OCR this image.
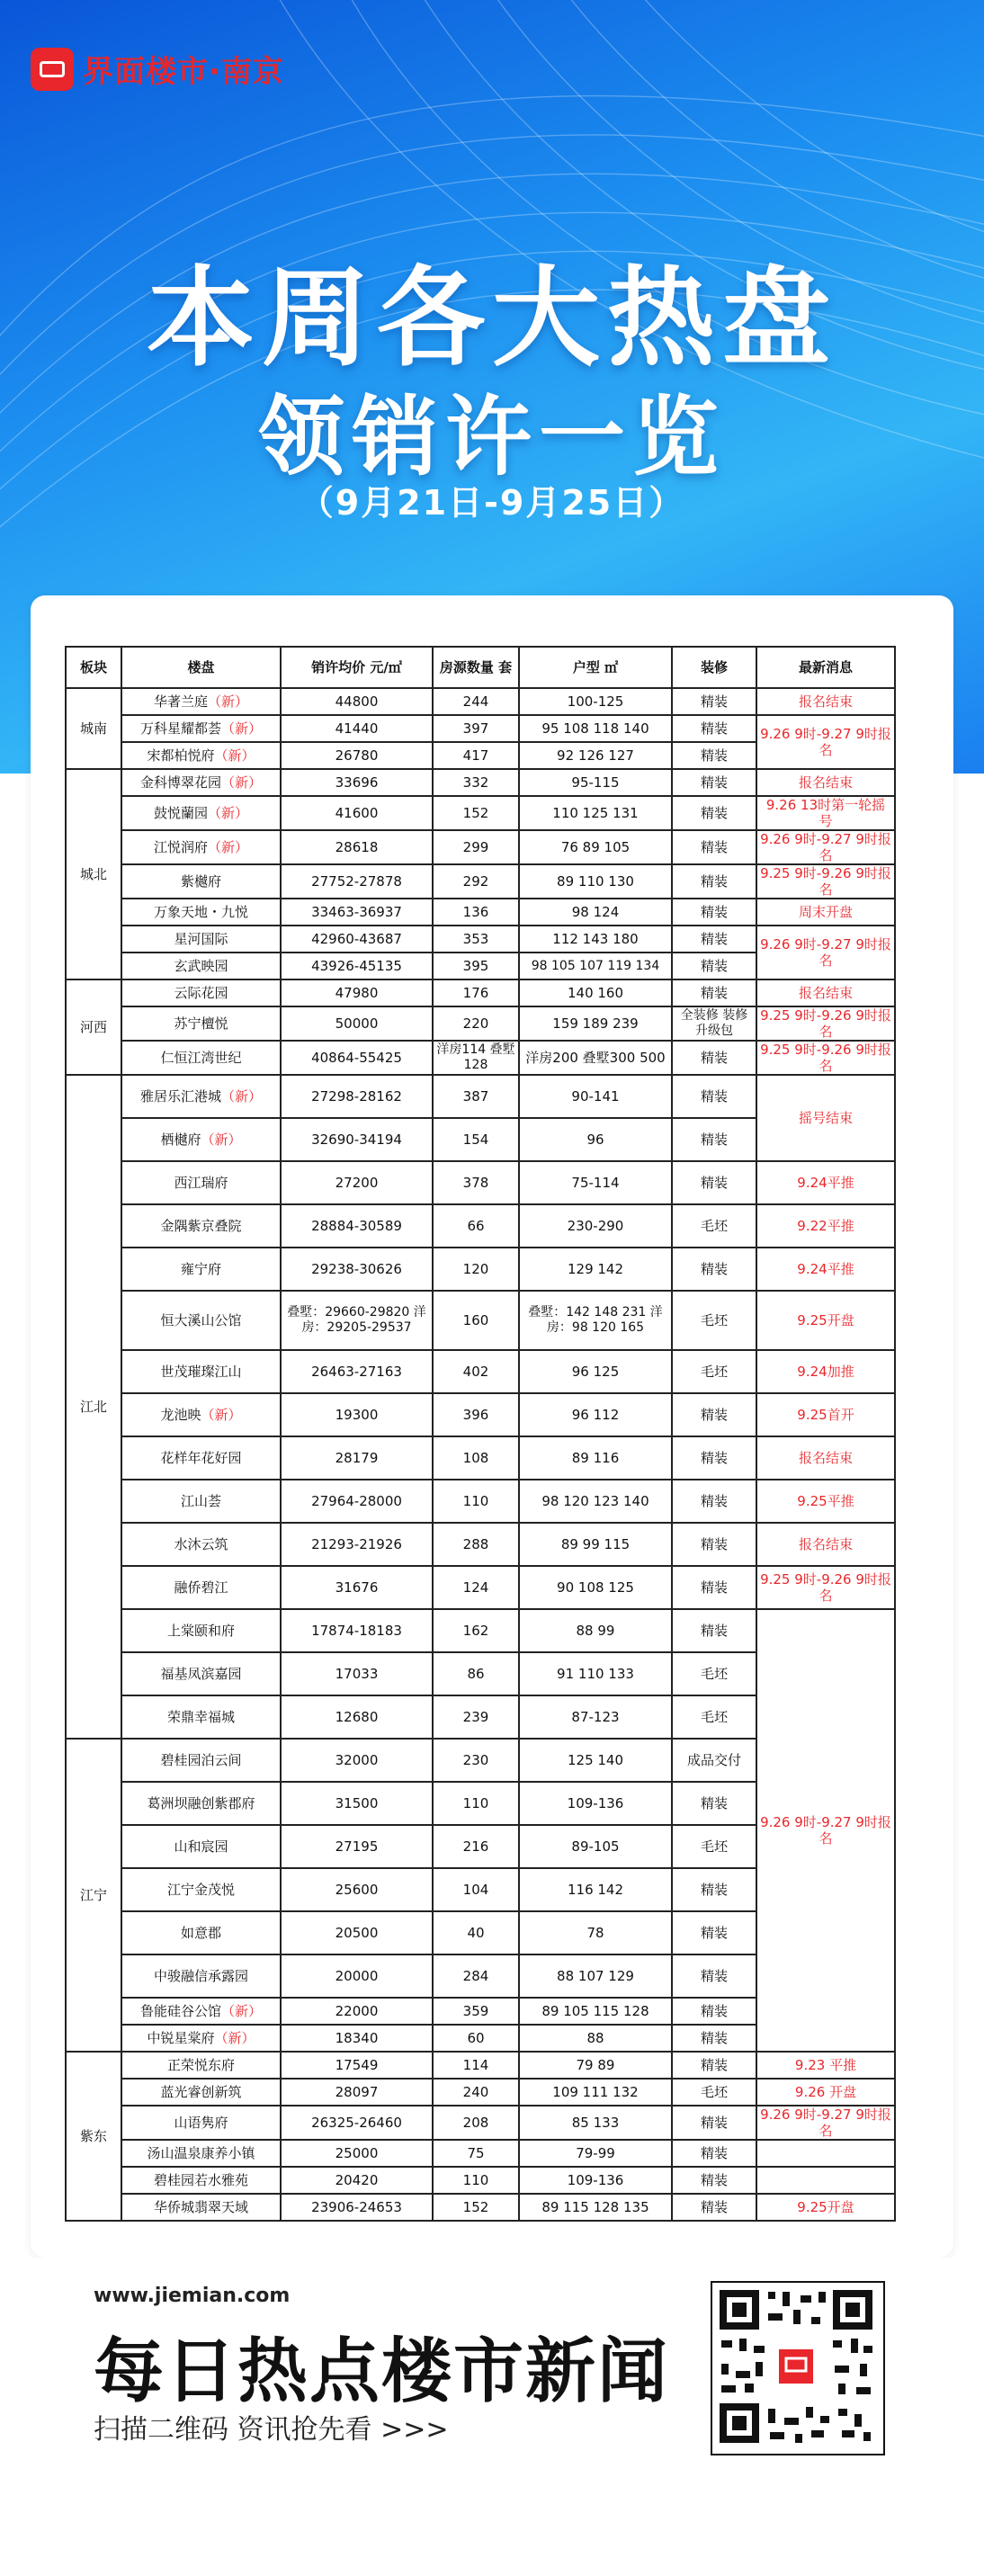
界面楼市·南京
本周各大热盘
领销许一览
（9月21日-9月25日）
板块	楼盘	销许均价 元/㎡	房源数量 套	户型 ㎡	装修	最新消息
城南	华著兰庭（新）	44800	244	100-125	精装	报名结束
	万科星耀都荟（新）	41440	397	95 108 118 140	精装	9.26 9时-9.27 9时报名
	宋都柏悦府（新）	26780	417	92 126 127	精装	
城北	金科博翠花园（新）	33696	332	95-115	精装	报名结束
	鼓悦蘭园（新）	41600	152	110 125 131	精装	9.26 13时第一轮摇号
	江悦润府（新）	28618	299	76 89 105	精装	9.26 9时-9.27 9时报名
	紫樾府	27752-27878	292	89 110 130	精装	9.25 9时-9.26 9时报名
	万象天地・九悦	33463-36937	136	98 124	精装	周末开盘
	星河国际	42960-43687	353	112 143 180	精装	9.26 9时-9.27 9时报名
	玄武映园	43926-45135	395	98 105 107 119 134	精装	
河西	云际花园	47980	176	140 160	精装	报名结束
	苏宁檀悦	50000	220	159 189 239	全装修 装修升级包	9.25 9时-9.26 9时报名
	仁恒江湾世纪	40864-55425	洋房114 叠墅128	洋房200 叠墅300 500	精装	9.25 9时-9.26 9时报名
江北	雅居乐汇港城（新）	27298-28162	387	90-141	精装	摇号结束
	栖樾府（新）	32690-34194	154	96	精装	
	西江瑞府	27200	378	75-114	精装	9.24平推
	金隅紫京叠院	28884-30589	66	230-290	毛坯	9.22平推
	雍宁府	29238-30626	120	129 142	精装	9.24平推
	恒大溪山公馆	叠墅：29660-29820 洋房：29205-29537	160	叠墅：142 148 231 洋房：98 120 165	毛坯	9.25开盘
	世茂璀璨江山	26463-27163	402	96 125	毛坯	9.24加推
	龙池映（新）	19300	396	96 112	精装	9.25首开
	花样年花好园	28179	108	89 116	精装	报名结束
	江山荟	27964-28000	110	98 120 123 140	精装	9.25平推
	水沐云筑	21293-21926	288	89 99 115	精装	报名结束
	融侨碧江	31676	124	90 108 125	精装	9.25 9时-9.26 9时报名
	上棠颐和府	17874-18183	162	88 99	精装	9.26 9时-9.27 9时报名
	福基凤滨嘉园	17033	86	91 110 133	毛坯	
	荣鼎幸福城	12680	239	87-123	毛坯	
江宁	碧桂园泊云间	32000	230	125 140	成品交付	
	葛洲坝融创紫郡府	31500	110	109-136	精装	
	山和宸园	27195	216	89-105	毛坯	
	江宁金茂悦	25600	104	116 142	精装	
	如意郡	20500	40	78	精装	
	中骏融信承露园	20000	284	88 107 129	精装	
	鲁能硅谷公馆（新）	22000	359	89 105 115 128	精装	
	中锐星棠府（新）	18340	60	88	精装	
紫东	正荣悦东府	17549	114	79 89	精装	9.23 平推
	蓝光睿创新筑	28097	240	109 111 132	毛坯	9.26 开盘
	山语隽府	26325-26460	208	85 133	精装	9.26 9时-9.27 9时报名
	汤山温泉康养小镇	25000	75	79-99	精装	
	碧桂园若水雅苑	20420	110	109-136	精装	
	华侨城翡翠天域	23906-24653	152	89 115 128 135	精装	9.25开盘
www.jiemian.com
每日热点楼市新闻
扫描二维码 资讯抢先看 >>>
